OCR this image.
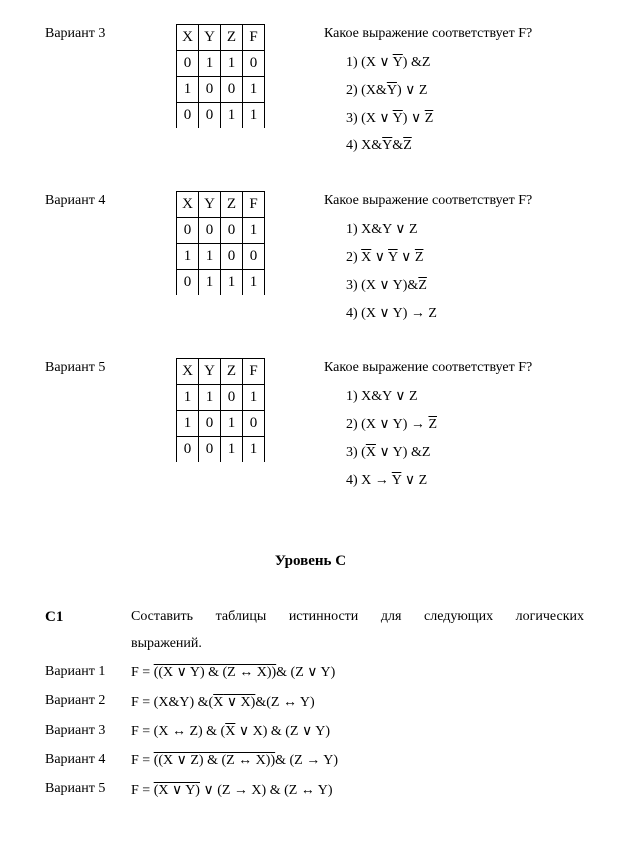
Вариант 3	X	Y	Z	F
0	1	1	0
1	0	0	1
0	0	1	1
Какое выражение соответствует F?
1) (X ∨ $\overline{Y}$) &Z
2) $(X\&\overline{Y})$ ∨ Z
3) (X ∨ $\overline{Y}$) ∨ $\overline{Z}$
4) $X\&\overline{Y}\&\overline{Z}$
Вариант 4	X	Y	Z	F
0	0	0	1
1	1	0	0
0	1	1	1
Какое выражение соответствует F?
1) X&Y ∨ Z
2) $\overline{X}$ ∨ $\overline{Y}$ ∨ $\overline{Z}$
3) (X ∨ $Y)\&\overline{Z}$
4) (X ∨ Y) → Z
Вариант 5	X	Y	Z	F
1	1	0	1
1	0	1	0
0	0	1	1
Какое выражение соответствует F?
1) X&Y ∨ Z
2) (X ∨ $Y) \to \overline{Z}$
3) ($\overline{X}$ ∨ Y) &Z
4) $X \to \overline{Y}$ ∨ Z
Уровень С
С1	Составить таблицы истинности для следующих логических
выражений.
Вариант 1 F = ((X ∨ Y) & (Z ↔ X))& (Z ∨ Y)
Вариант 2 F = (X&Y) $\&(\overline{X}$ ∨ X)&(Z ↔ Y)
Вариант 3 F = (X ↔ Z) & ($\overline{X}$ ∨ X) & (Z ∨ Y)
Вариант 4 F = ((X ∨ Z) & (Z ↔ X))& (Z → Y)
Вариант 5 F = (X ∨ Y) ∨ (Z → X) & (Z ↔ Y)
